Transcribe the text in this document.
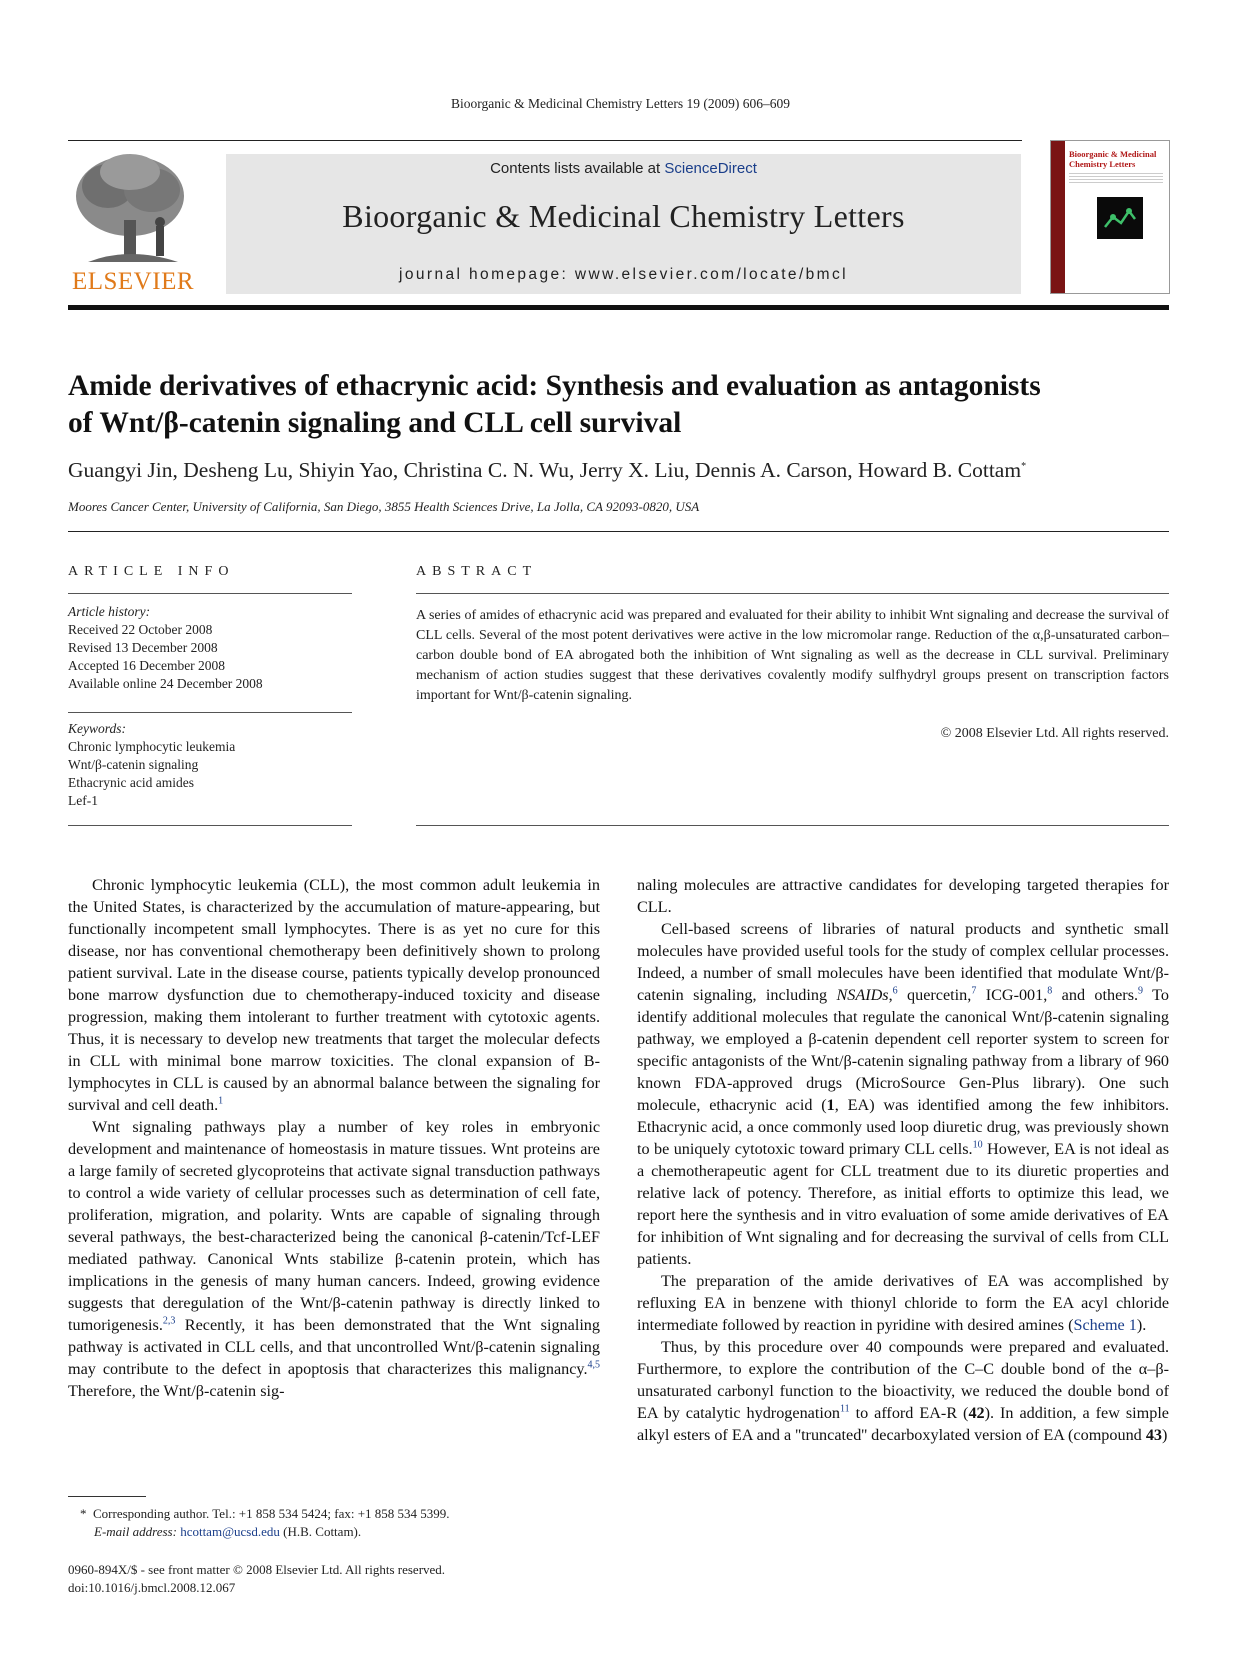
Bioorganic & Medicinal Chemistry Letters 19 (2009) 606–609
ELSEVIER
Contents lists available at ScienceDirect
Bioorganic & Medicinal Chemistry Letters
journal homepage: www.elsevier.com/locate/bmcl
Bioorganic & Medicinal Chemistry Letters
Amide derivatives of ethacrynic acid: Synthesis and evaluation as antagonists
of Wnt/β-catenin signaling and CLL cell survival
Guangyi Jin, Desheng Lu, Shiyin Yao, Christina C. N. Wu, Jerry X. Liu, Dennis A. Carson, Howard B. Cottam*
Moores Cancer Center, University of California, San Diego, 3855 Health Sciences Drive, La Jolla, CA 92093-0820, USA
ARTICLE INFO
Article history:
Received 22 October 2008
Revised 13 December 2008
Accepted 16 December 2008
Available online 24 December 2008
Keywords:
Chronic lymphocytic leukemia
Wnt/β-catenin signaling
Ethacrynic acid amides
Lef-1
ABSTRACT
A series of amides of ethacrynic acid was prepared and evaluated for their ability to inhibit Wnt signaling and decrease the survival of CLL cells. Several of the most potent derivatives were active in the low micromolar range. Reduction of the α,β-unsaturated carbon–carbon double bond of EA abrogated both the inhibition of Wnt signaling as well as the decrease in CLL survival. Preliminary mechanism of action studies suggest that these derivatives covalently modify sulfhydryl groups present on transcription factors important for Wnt/β-catenin signaling.
© 2008 Elsevier Ltd. All rights reserved.

Chronic lymphocytic leukemia (CLL), the most common adult leukemia in the United States, is characterized by the accumulation of mature-appearing, but functionally incompetent small lymphocytes. There is as yet no cure for this disease, nor has conventional chemotherapy been definitively shown to prolong patient survival. Late in the disease course, patients typically develop pronounced bone marrow dysfunction due to chemotherapy-induced toxicity and disease progression, making them intolerant to further treatment with cytotoxic agents. Thus, it is necessary to develop new treatments that target the molecular defects in CLL with minimal bone marrow toxicities. The clonal expansion of B-lymphocytes in CLL is caused by an abnormal balance between the signaling for survival and cell death.$^1$

Wnt signaling pathways play a number of key roles in embryonic development and maintenance of homeostasis in mature tissues. Wnt proteins are a large family of secreted glycoproteins that activate signal transduction pathways to control a wide variety of cellular processes such as determination of cell fate, proliferation, migration, and polarity. Wnts are capable of signaling through several pathways, the best-characterized being the canonical β-catenin/Tcf-LEF mediated pathway. Canonical Wnts stabilize β-catenin protein, which has implications in the genesis of many human cancers. Indeed, growing evidence suggests that deregulation of the Wnt/β-catenin pathway is directly linked to tumorigenesis.$^{2,3}$ Recently, it has been demonstrated that the Wnt signaling pathway is activated in CLL cells, and that uncontrolled Wnt/β-catenin signaling may contribute to the defect in apoptosis that characterizes this malignancy.$^{4,5}$ Therefore, the Wnt/β-catenin sig-

naling molecules are attractive candidates for developing targeted therapies for CLL.

Cell-based screens of libraries of natural products and synthetic small molecules have provided useful tools for the study of complex cellular processes. Indeed, a number of small molecules have been identified that modulate Wnt/β-catenin signaling, including NSAIDs,$^6$ quercetin,$^7$ ICG-001,$^8$ and others.$^9$ To identify additional molecules that regulate the canonical Wnt/β-catenin signaling pathway, we employed a β-catenin dependent cell reporter system to screen for specific antagonists of the Wnt/β-catenin signaling pathway from a library of 960 known FDA-approved drugs (MicroSource Gen-Plus library). One such molecule, ethacrynic acid (1, EA) was identified among the few inhibitors. Ethacrynic acid, a once commonly used loop diuretic drug, was previously shown to be uniquely cytotoxic toward primary CLL cells.$^{10}$ However, EA is not ideal as a chemotherapeutic agent for CLL treatment due to its diuretic properties and relative lack of potency. Therefore, as initial efforts to optimize this lead, we report here the synthesis and in vitro evaluation of some amide derivatives of EA for inhibition of Wnt signaling and for decreasing the survival of cells from CLL patients.

The preparation of the amide derivatives of EA was accomplished by refluxing EA in benzene with thionyl chloride to form the EA acyl chloride intermediate followed by reaction in pyridine with desired amines (Scheme 1).

Thus, by this procedure over 40 compounds were prepared and evaluated. Furthermore, to explore the contribution of the C–C double bond of the α–β-unsaturated carbonyl function to the bioactivity, we reduced the double bond of EA by catalytic hydrogenation$^{11}$ to afford EA-R (42). In addition, a few simple alkyl esters of EA and a ''truncated'' decarboxylated version of EA (compound 43)

* Corresponding author. Tel.: +1 858 534 5424; fax: +1 858 534 5399.
E-mail address: hcottam@ucsd.edu (H.B. Cottam).
0960-894X/$ - see front matter © 2008 Elsevier Ltd. All rights reserved.
doi:10.1016/j.bmcl.2008.12.067
